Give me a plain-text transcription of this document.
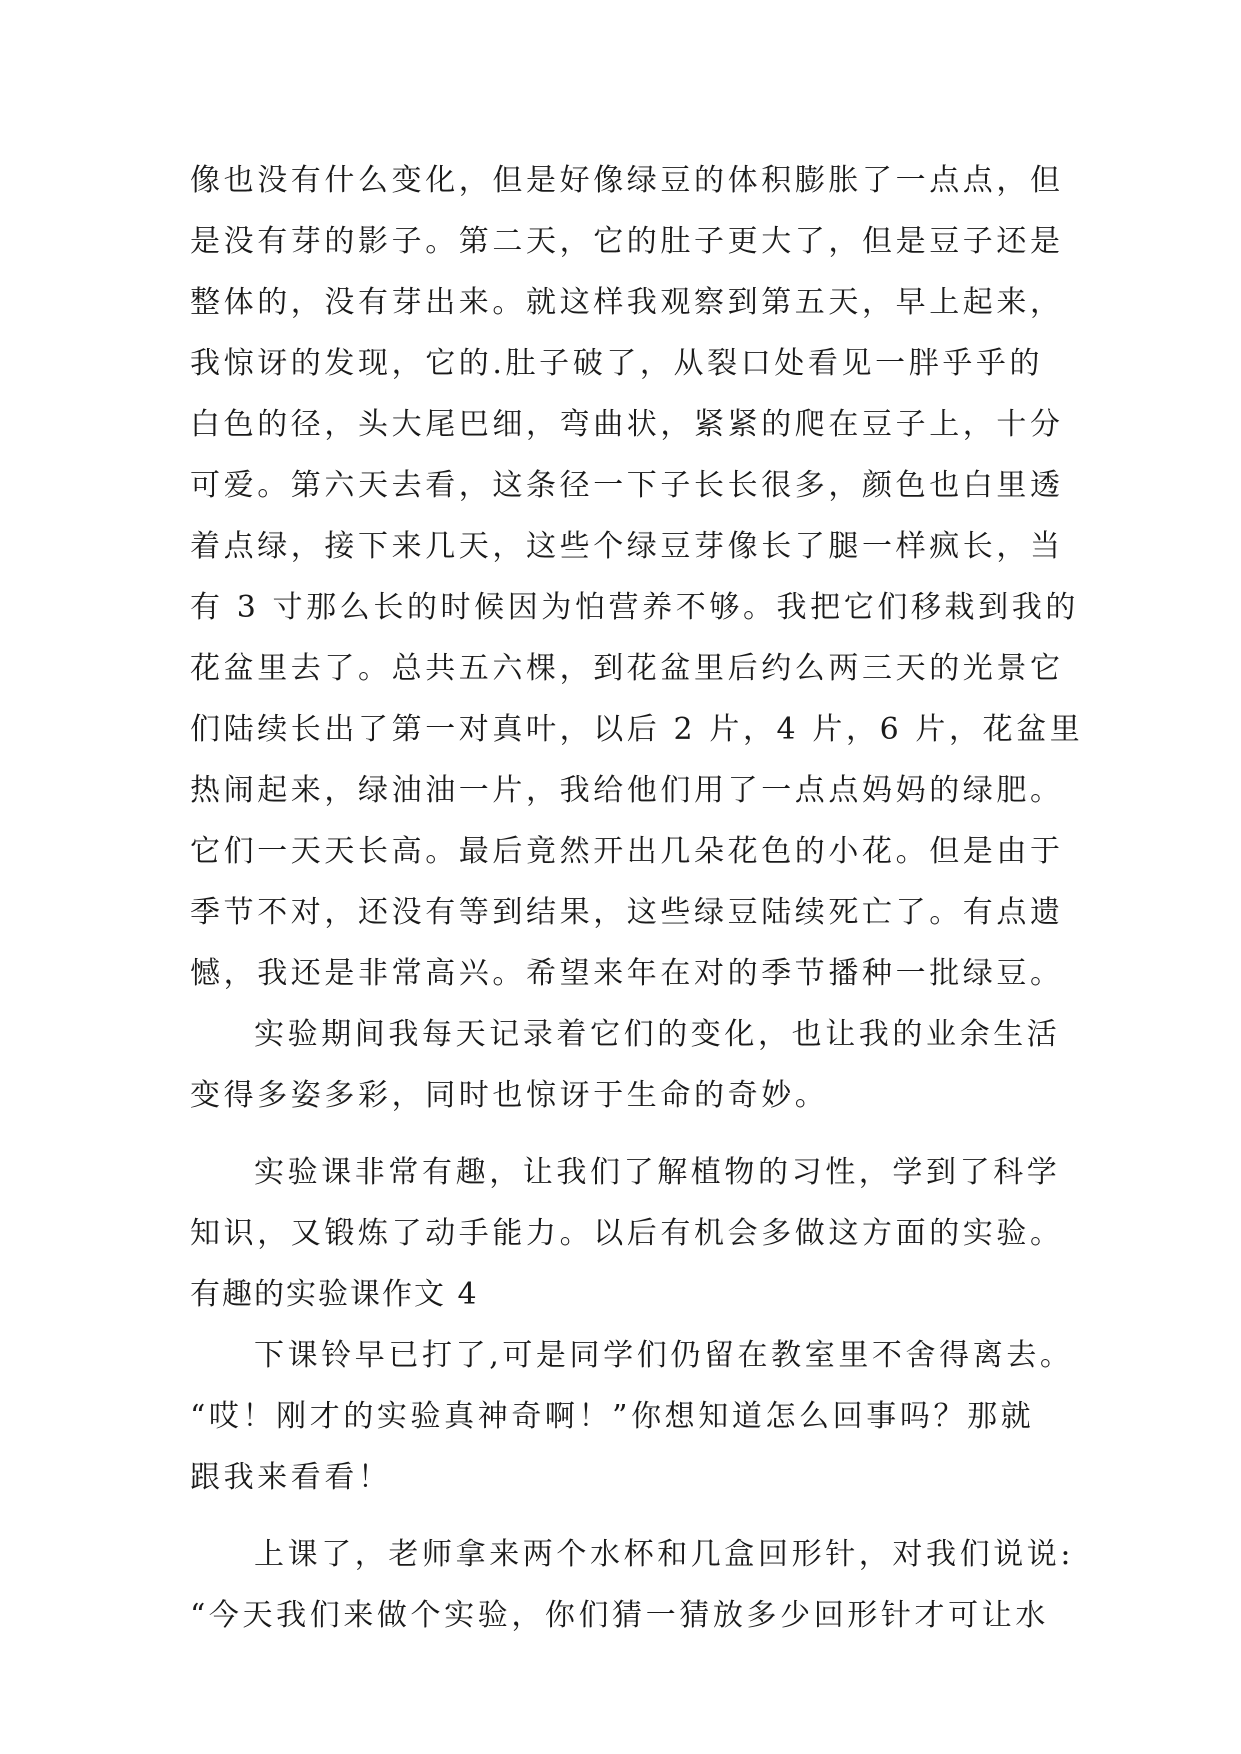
像也没有什么变化，但是好像绿豆的体积膨胀了一点点，但
是没有芽的影子。第二天，它的肚子更大了，但是豆子还是
整体的，没有芽出来。就这样我观察到第五天，早上起来，
我惊讶的发现，它的.肚子破了，从裂口处看见一胖乎乎的
白色的径，头大尾巴细，弯曲状，紧紧的爬在豆子上，十分
可爱。第六天去看，这条径一下子长长很多，颜色也白里透
着点绿，接下来几天，这些个绿豆芽像长了腿一样疯长，当
有 3 寸那么长的时候因为怕营养不够。我把它们移栽到我的
花盆里去了。总共五六棵，到花盆里后约么两三天的光景它
们陆续长出了第一对真叶，以后 2 片，4 片，6 片，花盆里
热闹起来，绿油油一片，我给他们用了一点点妈妈的绿肥。
它们一天天长高。最后竟然开出几朵花色的小花。但是由于
季节不对，还没有等到结果，这些绿豆陆续死亡了。有点遗
憾，我还是非常高兴。希望来年在对的季节播种一批绿豆。
实验期间我每天记录着它们的变化，也让我的业余生活
变得多姿多彩，同时也惊讶于生命的奇妙。
实验课非常有趣，让我们了解植物的习性，学到了科学
知识，又锻炼了动手能力。以后有机会多做这方面的实验。
有趣的实验课作文 4
下课铃早已打了,可是同学们仍留在教室里不舍得离去。
“哎！刚才的实验真神奇啊！”你想知道怎么回事吗？那就
跟我来看看！
上课了，老师拿来两个水杯和几盒回形针，对我们说说:
“今天我们来做个实验，你们猜一猜放多少回形针才可让水
